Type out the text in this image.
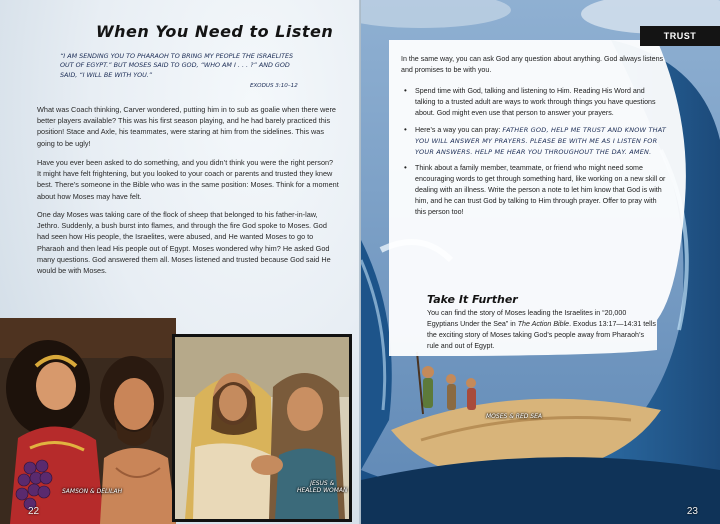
When You Need to Listen
“I AM SENDING YOU TO PHARAOH TO BRING MY PEOPLE THE ISRAELITES OUT OF EGYPT.” BUT MOSES SAID TO GOD, “WHO AM I . . . ?” AND GOD SAID, “I WILL BE WITH YOU.”
EXODUS 3:10–12

What was Coach thinking, Carver wondered, putting him in to sub as goalie when there were better players available? This was his first season playing, and he had barely practiced this position! Stace and Axle, his teammates, were staring at him from the sidelines. This was going to be ugly!

Have you ever been asked to do something, and you didn’t think you were the right person? It might have felt frightening, but you looked to your coach or parents and trusted they knew best. There’s someone in the Bible who was in the same position: Moses. Think for a moment about how Moses may have felt.

One day Moses was taking care of the flock of sheep that belonged to his father-in-law, Jethro. Suddenly, a bush burst into flames, and through the fire God spoke to Moses. God had seen how His people, the Israelites, were abused, and He wanted Moses to go to Pharaoh and then lead His people out of Egypt. Moses wondered why him? He asked God many questions. God answered them all. Moses listened and trusted because God said He would be with Moses.

SAMSON & DELILAH
JESUS &
HEALED WOMAN
22
TRUST
In the same way, you can ask God any question about anything. God always listens and promises to be with you.
• Spend time with God, talking and listening to Him. Reading His Word and talking to a trusted adult are ways to work through things you have questions about. God might even use that person to answer your prayers.
• Here’s a way you can pray: FATHER GOD, HELP ME TRUST AND KNOW THAT YOU WILL ANSWER MY PRAYERS. PLEASE BE WITH ME AS I LISTEN FOR YOUR ANSWERS. HELP ME HEAR YOU THROUGHOUT THE DAY. AMEN.
• Think about a family member, teammate, or friend who might need some encouraging words to get through something hard, like working on a new skill or dealing with an illness. Write the person a note to let him know that God is with him, and he can trust God by talking to Him through prayer. Offer to pray with this person too!
Take It Further
You can find the story of Moses leading the Israelites in “20,000 Egyptians Under the Sea” in The Action Bible. Exodus 13:17—14:31 tells the exciting story of Moses taking God’s people away from Pharaoh’s rule and out of Egypt.
MOSES & RED SEA
23
